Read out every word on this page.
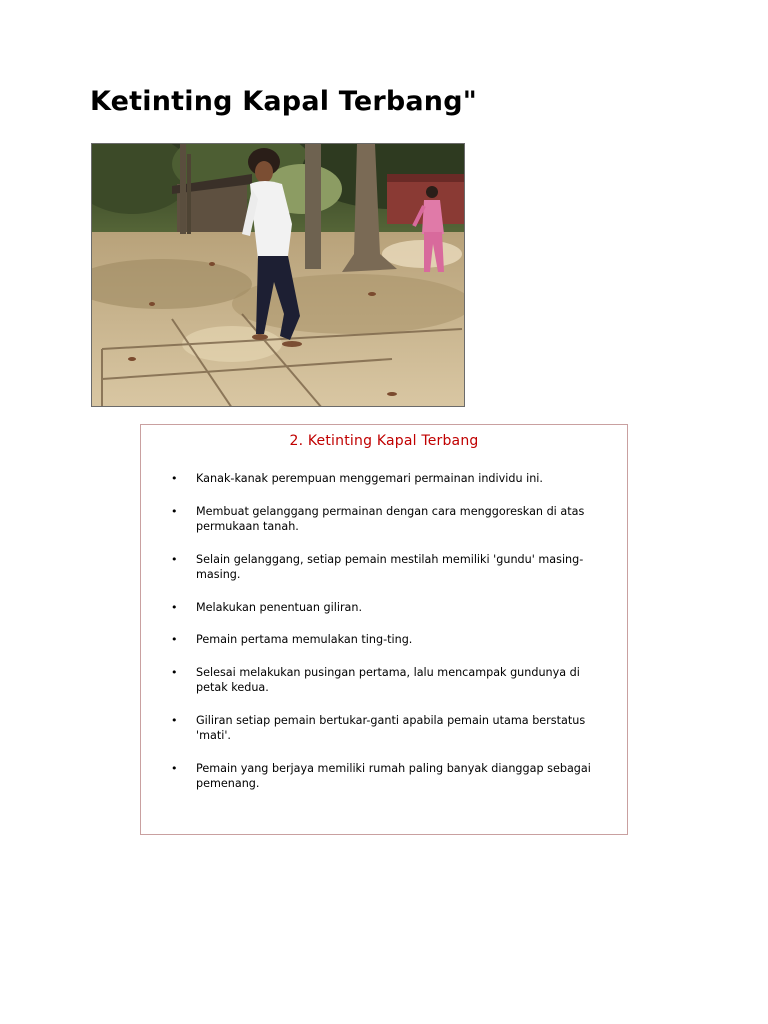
Ketinting Kapal Terbang"
2. Ketinting Kapal Terbang
• Kanak-kanak perempuan menggemari permainan individu ini.
• Membuat gelanggang permainan dengan cara menggoreskan di atas permukaan tanah.
• Selain gelanggang, setiap pemain mestilah memiliki 'gundu' masing-masing.
• Melakukan penentuan giliran.
• Pemain pertama memulakan ting-ting.
• Selesai melakukan pusingan pertama, lalu mencampak gundunya di petak kedua.
• Giliran setiap pemain bertukar-ganti apabila pemain utama berstatus 'mati'.
• Pemain yang berjaya memiliki rumah paling banyak dianggap sebagai pemenang.
